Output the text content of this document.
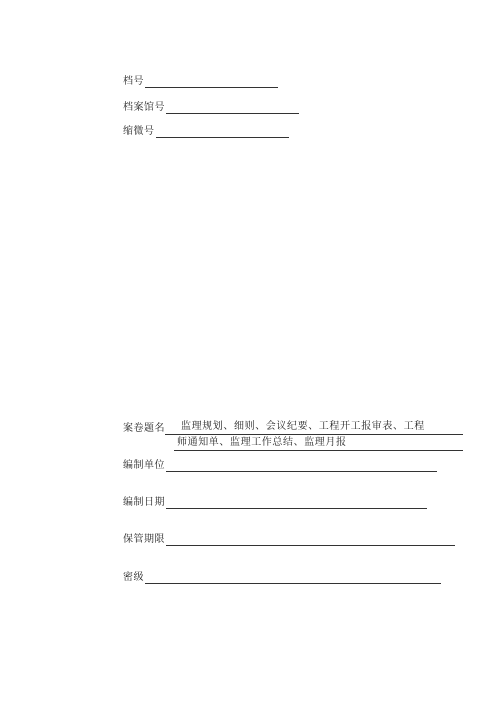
档号
档案馆号
缩微号
案卷题名	监理规划、细则、会议纪要、工程开工报审表、工程
师通知单、监理工作总结、监理月报
编制单位
编制日期
保管期限
密级
